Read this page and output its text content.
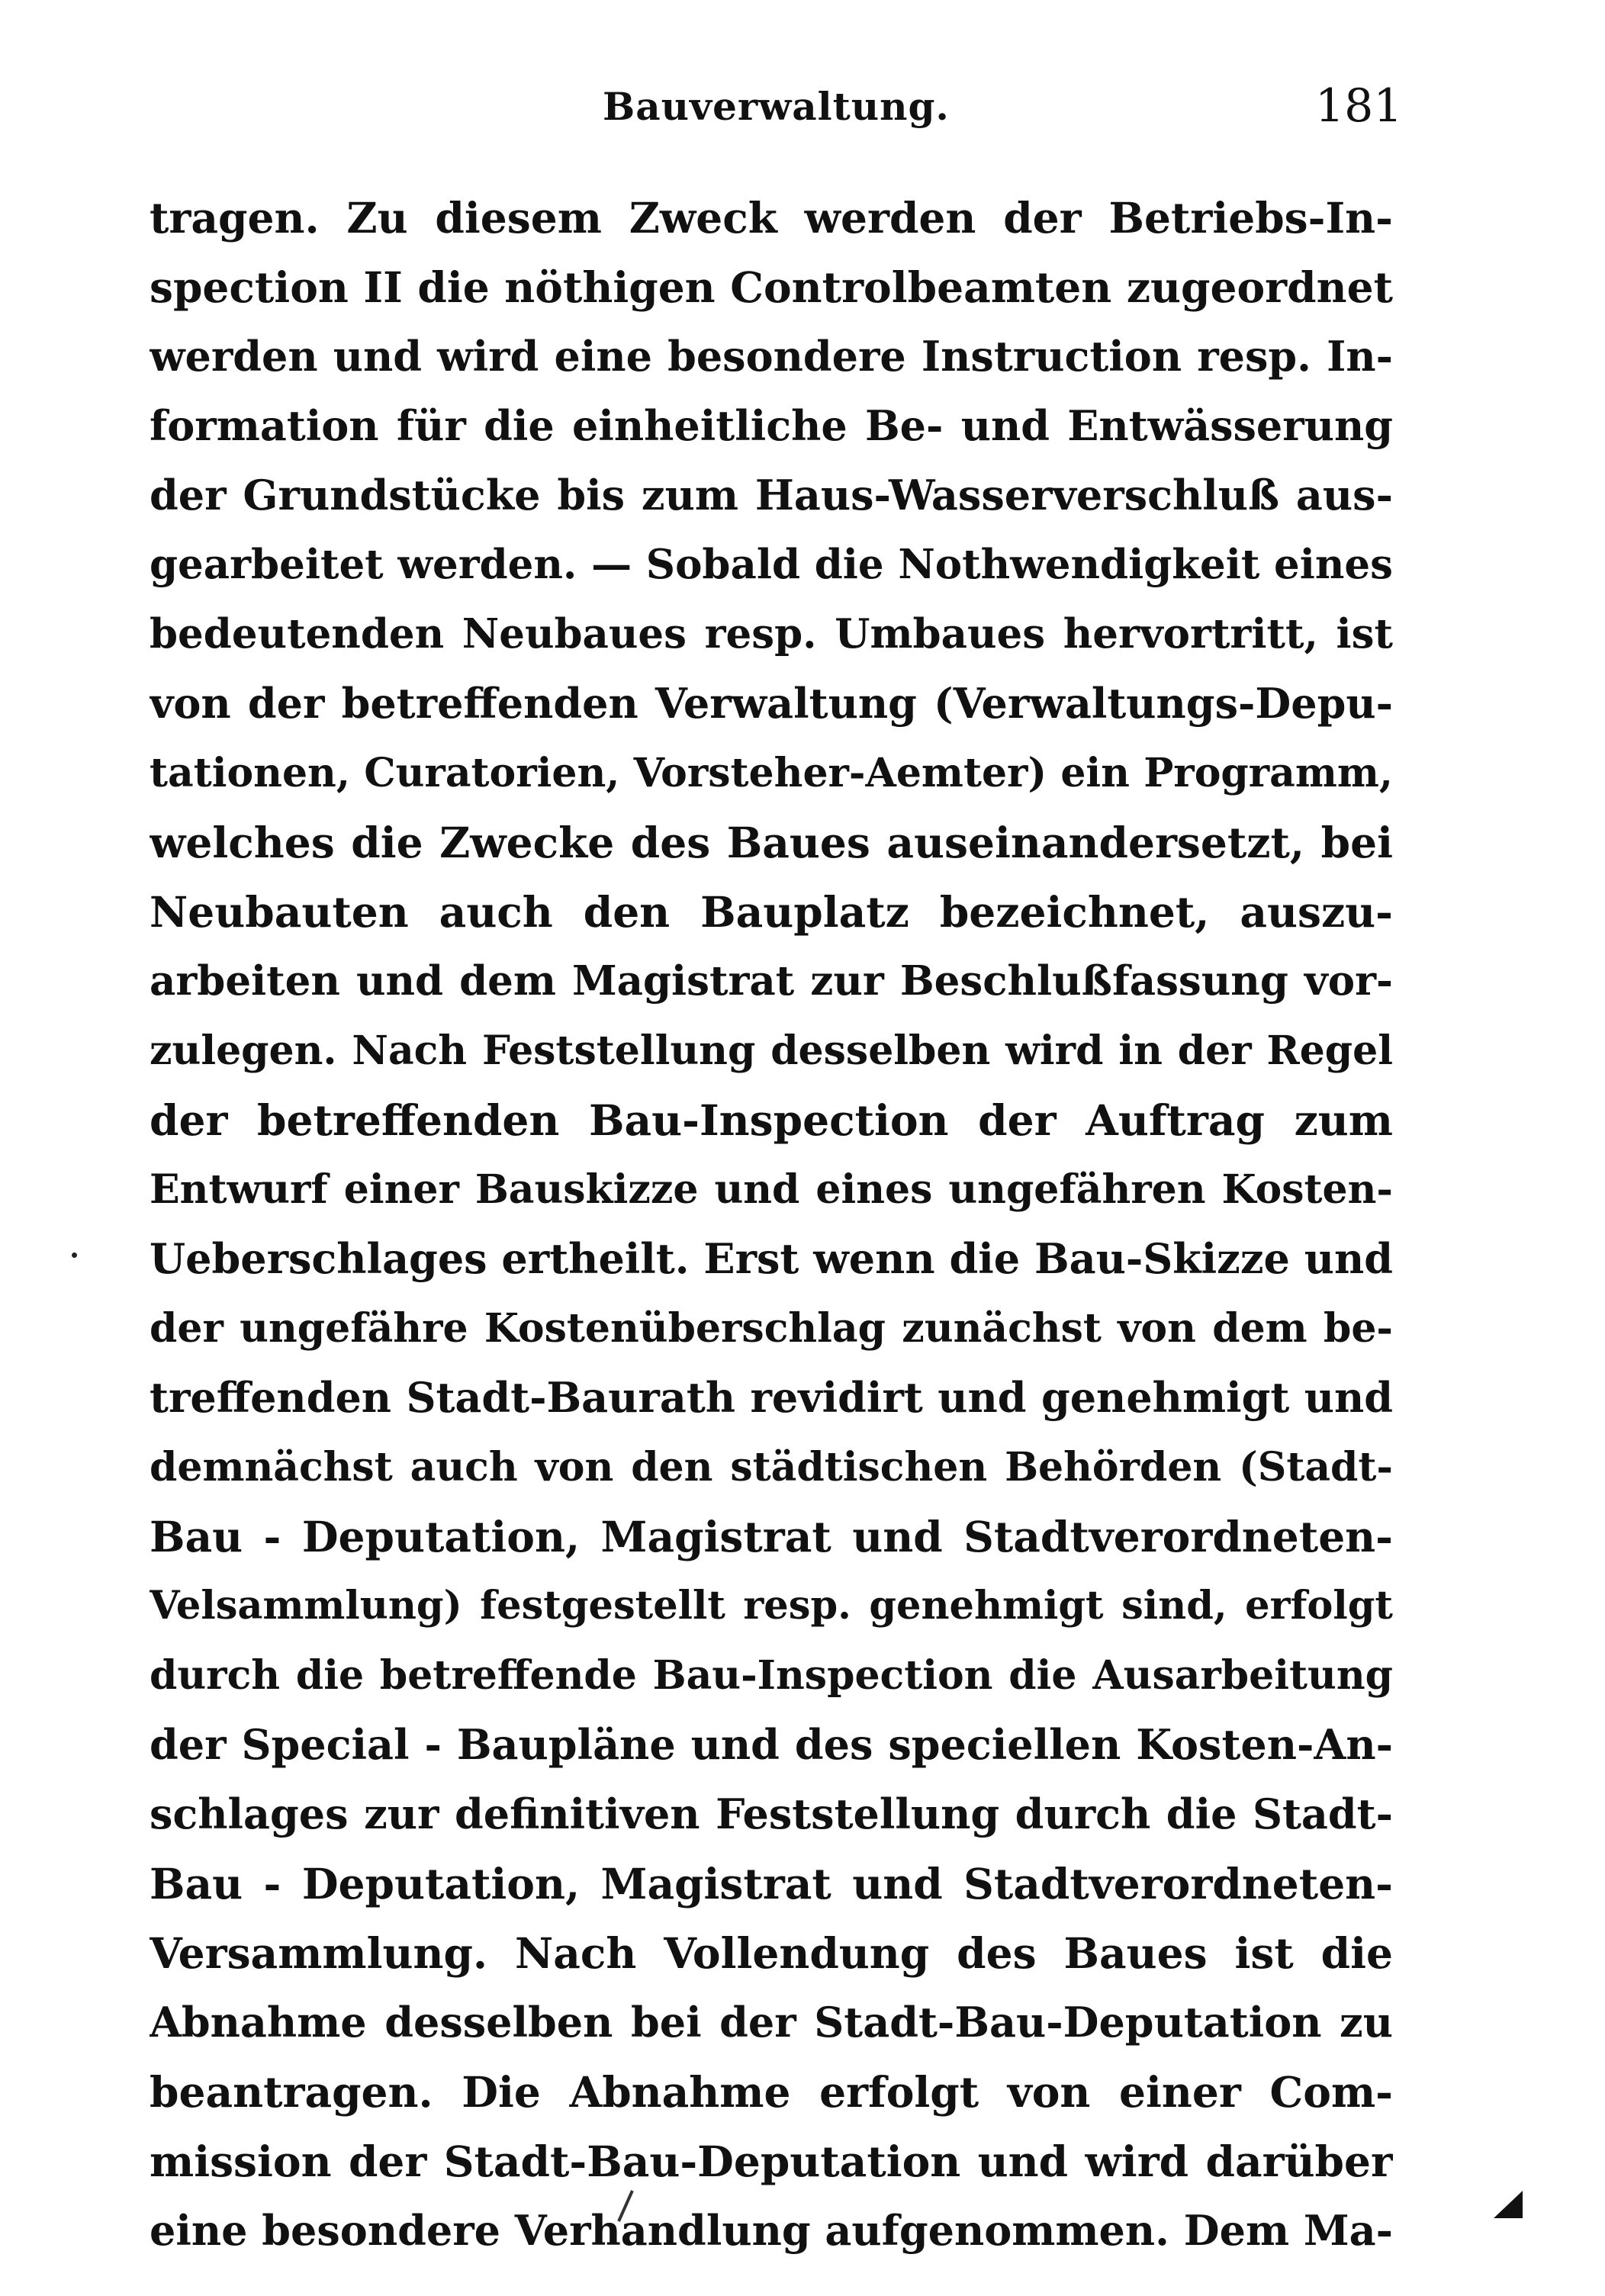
Bauverwaltung.	181
tragen. Zu diesem Zweck werden der Betriebs-In-
spection II die nöthigen Controlbeamten zugeordnet
werden und wird eine besondere Instruction resp. In-
formation für die einheitliche Be- und Entwässerung
der Grundstücke bis zum Haus-Wasserverschluß aus-
gearbeitet werden. — Sobald die Nothwendigkeit eines
bedeutenden Neubaues resp. Umbaues hervortritt, ist
von der betreffenden Verwaltung (Verwaltungs-Depu-
tationen, Curatorien, Vorsteher-Aemter) ein Programm,
welches die Zwecke des Baues auseinandersetzt, bei
Neubauten auch den Bauplatz bezeichnet, auszu-
arbeiten und dem Magistrat zur Beschlußfassung vor-
zulegen. Nach Feststellung desselben wird in der Regel
der betreffenden Bau-Inspection der Auftrag zum
Entwurf einer Bauskizze und eines ungefähren Kosten-
Ueberschlages ertheilt. Erst wenn die Bau-Skizze und
der ungefähre Kostenüberschlag zunächst von dem be-
treffenden Stadt-Baurath revidirt und genehmigt und
demnächst auch von den städtischen Behörden (Stadt-
Bau - Deputation, Magistrat und Stadtverordneten-
Velsammlung) festgestellt resp. genehmigt sind, erfolgt
durch die betreffende Bau-Inspection die Ausarbeitung
der Special - Baupläne und des speciellen Kosten-An-
schlages zur definitiven Feststellung durch die Stadt-
Bau - Deputation, Magistrat und Stadtverordneten-
Versammlung. Nach Vollendung des Baues ist die
Abnahme desselben bei der Stadt-Bau-Deputation zu
beantragen. Die Abnahme erfolgt von einer Com-
mission der Stadt-Bau-Deputation und wird darüber
eine besondere Verhandlung aufgenommen. Dem Ma-
